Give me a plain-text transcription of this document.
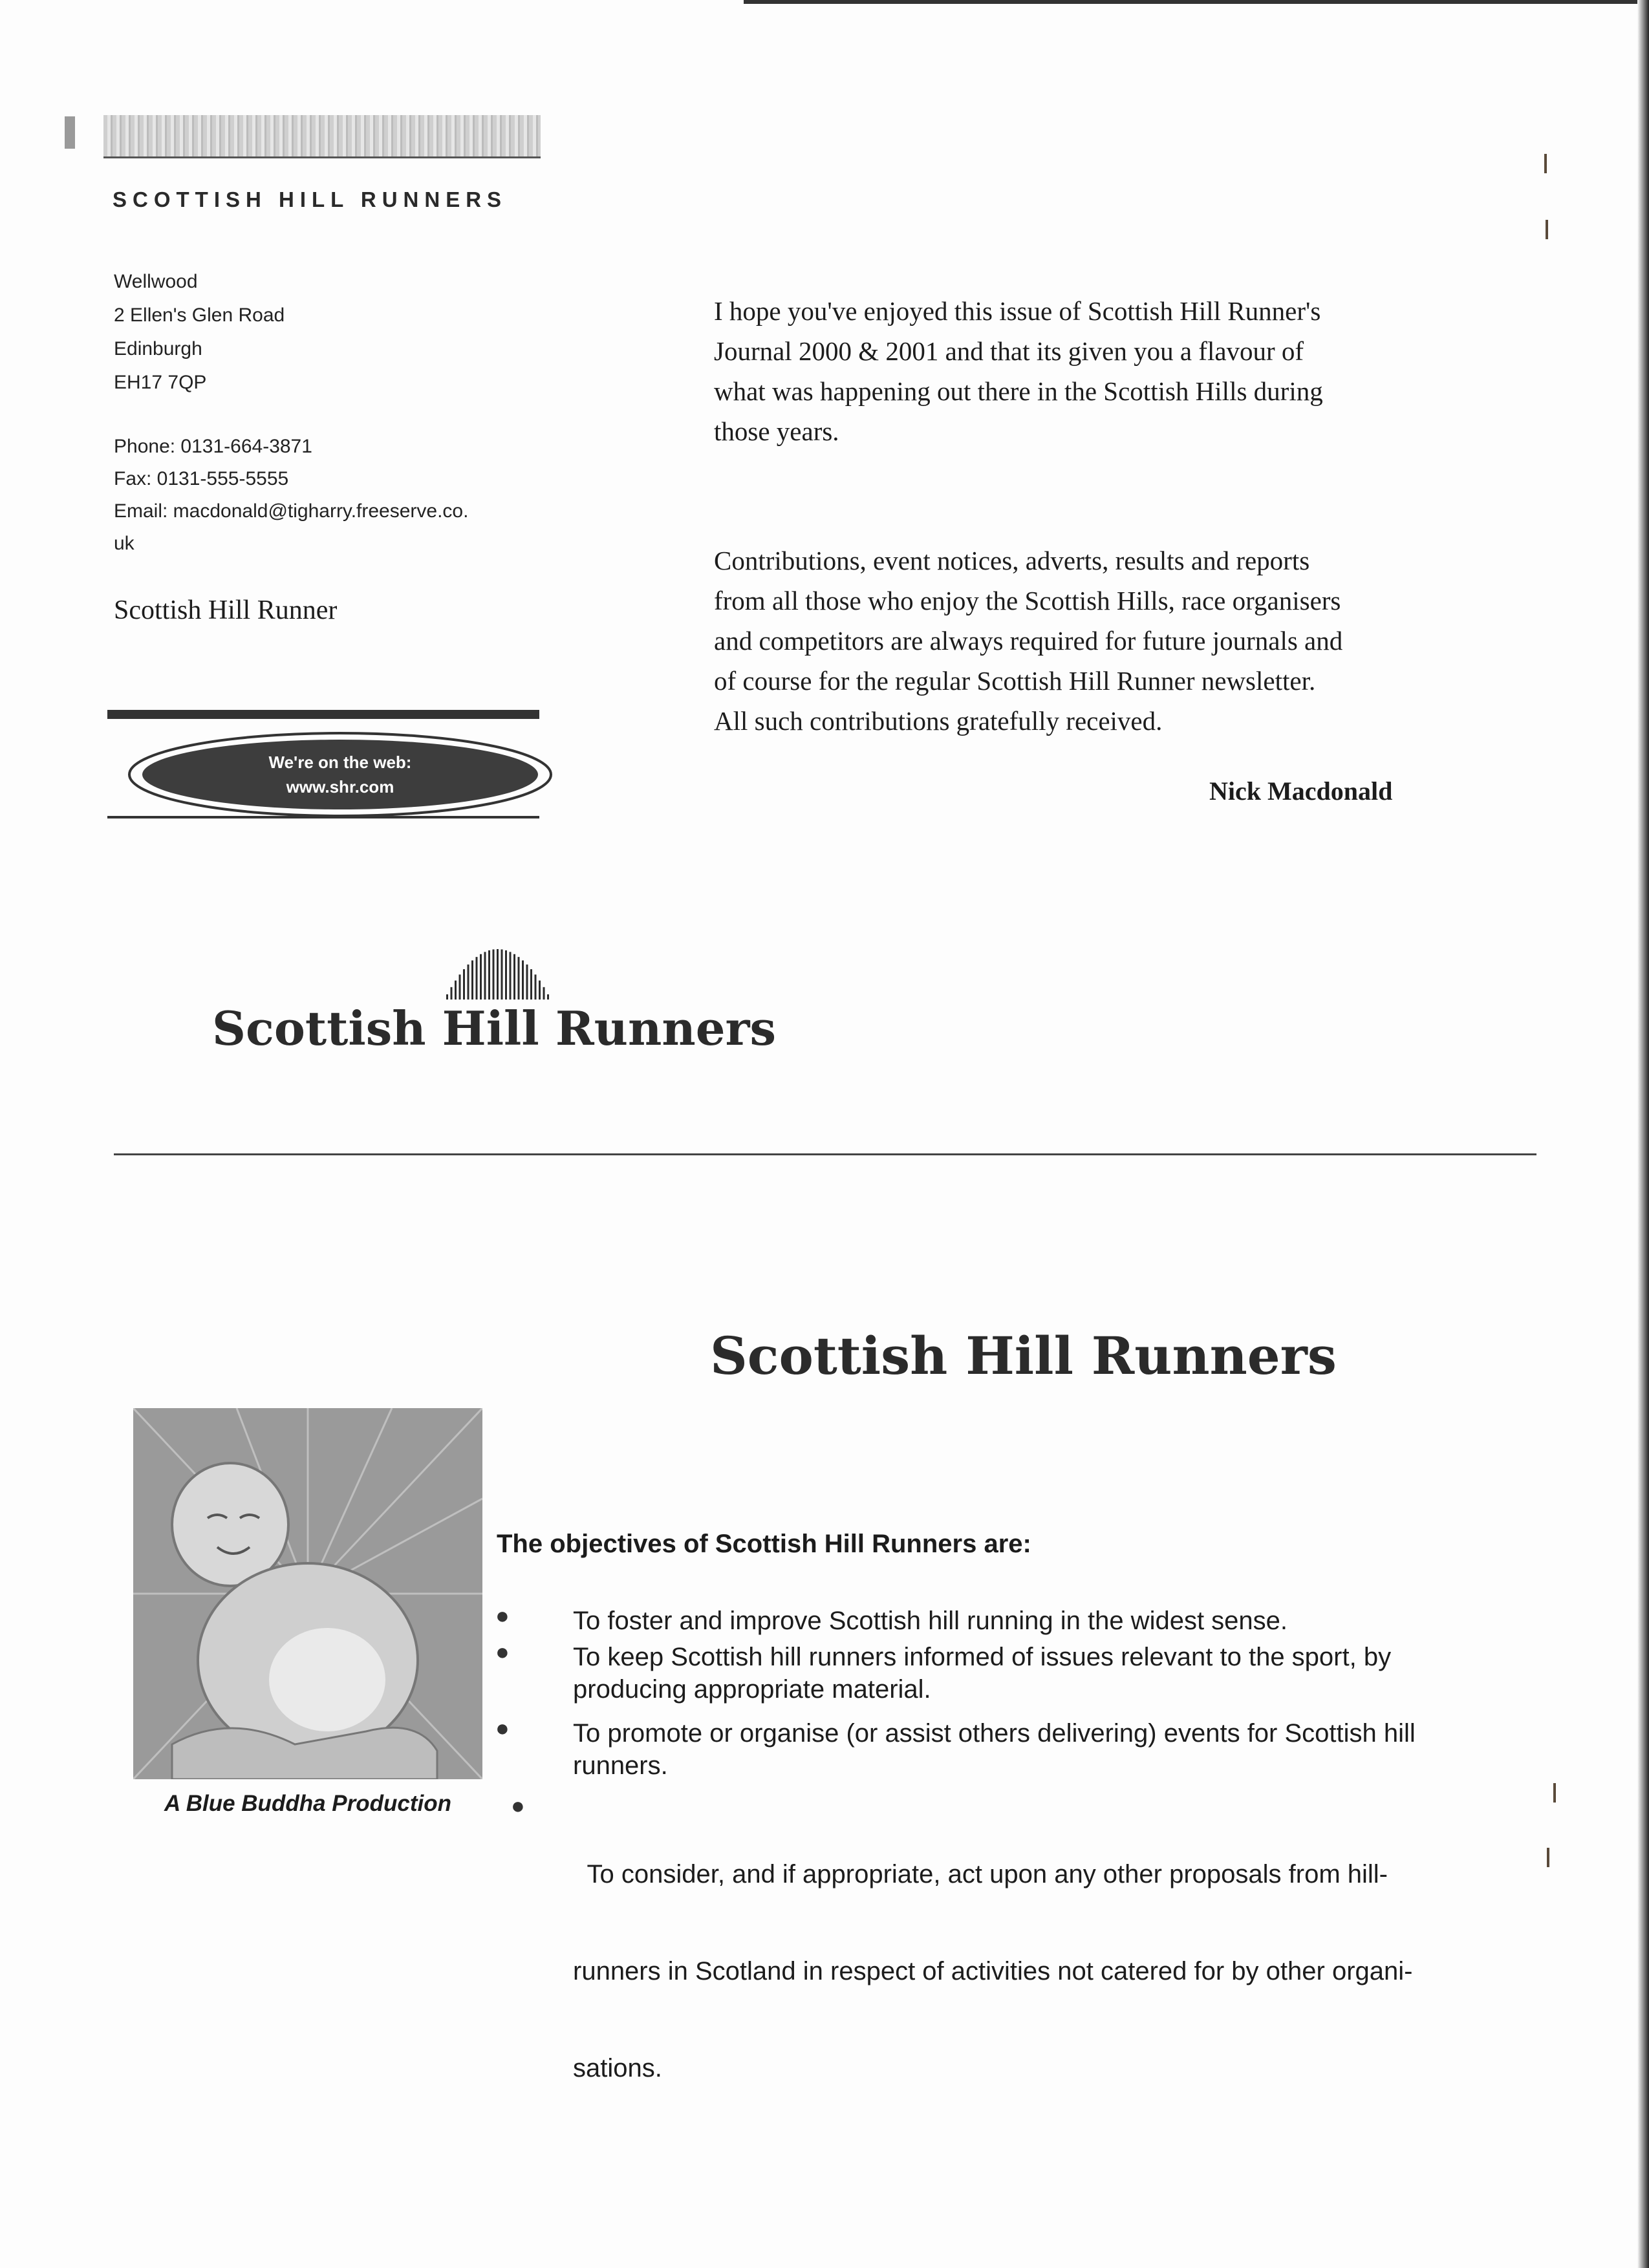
SCOTTISH HILL RUNNERS
Wellwood
2 Ellen's Glen Road
Edinburgh
EH17 7QP
Phone: 0131-664-3871
Fax: 0131-555-5555
Email: macdonald@tigharry.freeserve.co.
uk
Scottish Hill Runner
We're on the web:
www.shr.com
I hope you've enjoyed this issue of Scottish Hill Runner's
Journal 2000 & 2001 and that its given you a flavour of
what was happening out there in the Scottish Hills during
those years.
Contributions, event notices, adverts, results and reports
from all those who enjoy the Scottish Hills, race organisers
and competitors are always required for future journals and
of course for the regular Scottish Hill Runner newsletter.
All such contributions gratefully received.
Nick Macdonald
Scottish Hill Runners
Scottish Hill Runners
A Blue Buddha Production
The objectives of Scottish Hill Runners are:
● To foster and improve Scottish hill running in the widest sense.
● To keep Scottish hill runners informed of issues relevant to the sport, by
producing appropriate material.
● To promote or organise (or assist others delivering) events for Scottish hill
runners.
●

To consider, and if appropriate, act upon any other proposals from hill-

runners in Scotland in respect of activities not catered for by other organi-

sations.
